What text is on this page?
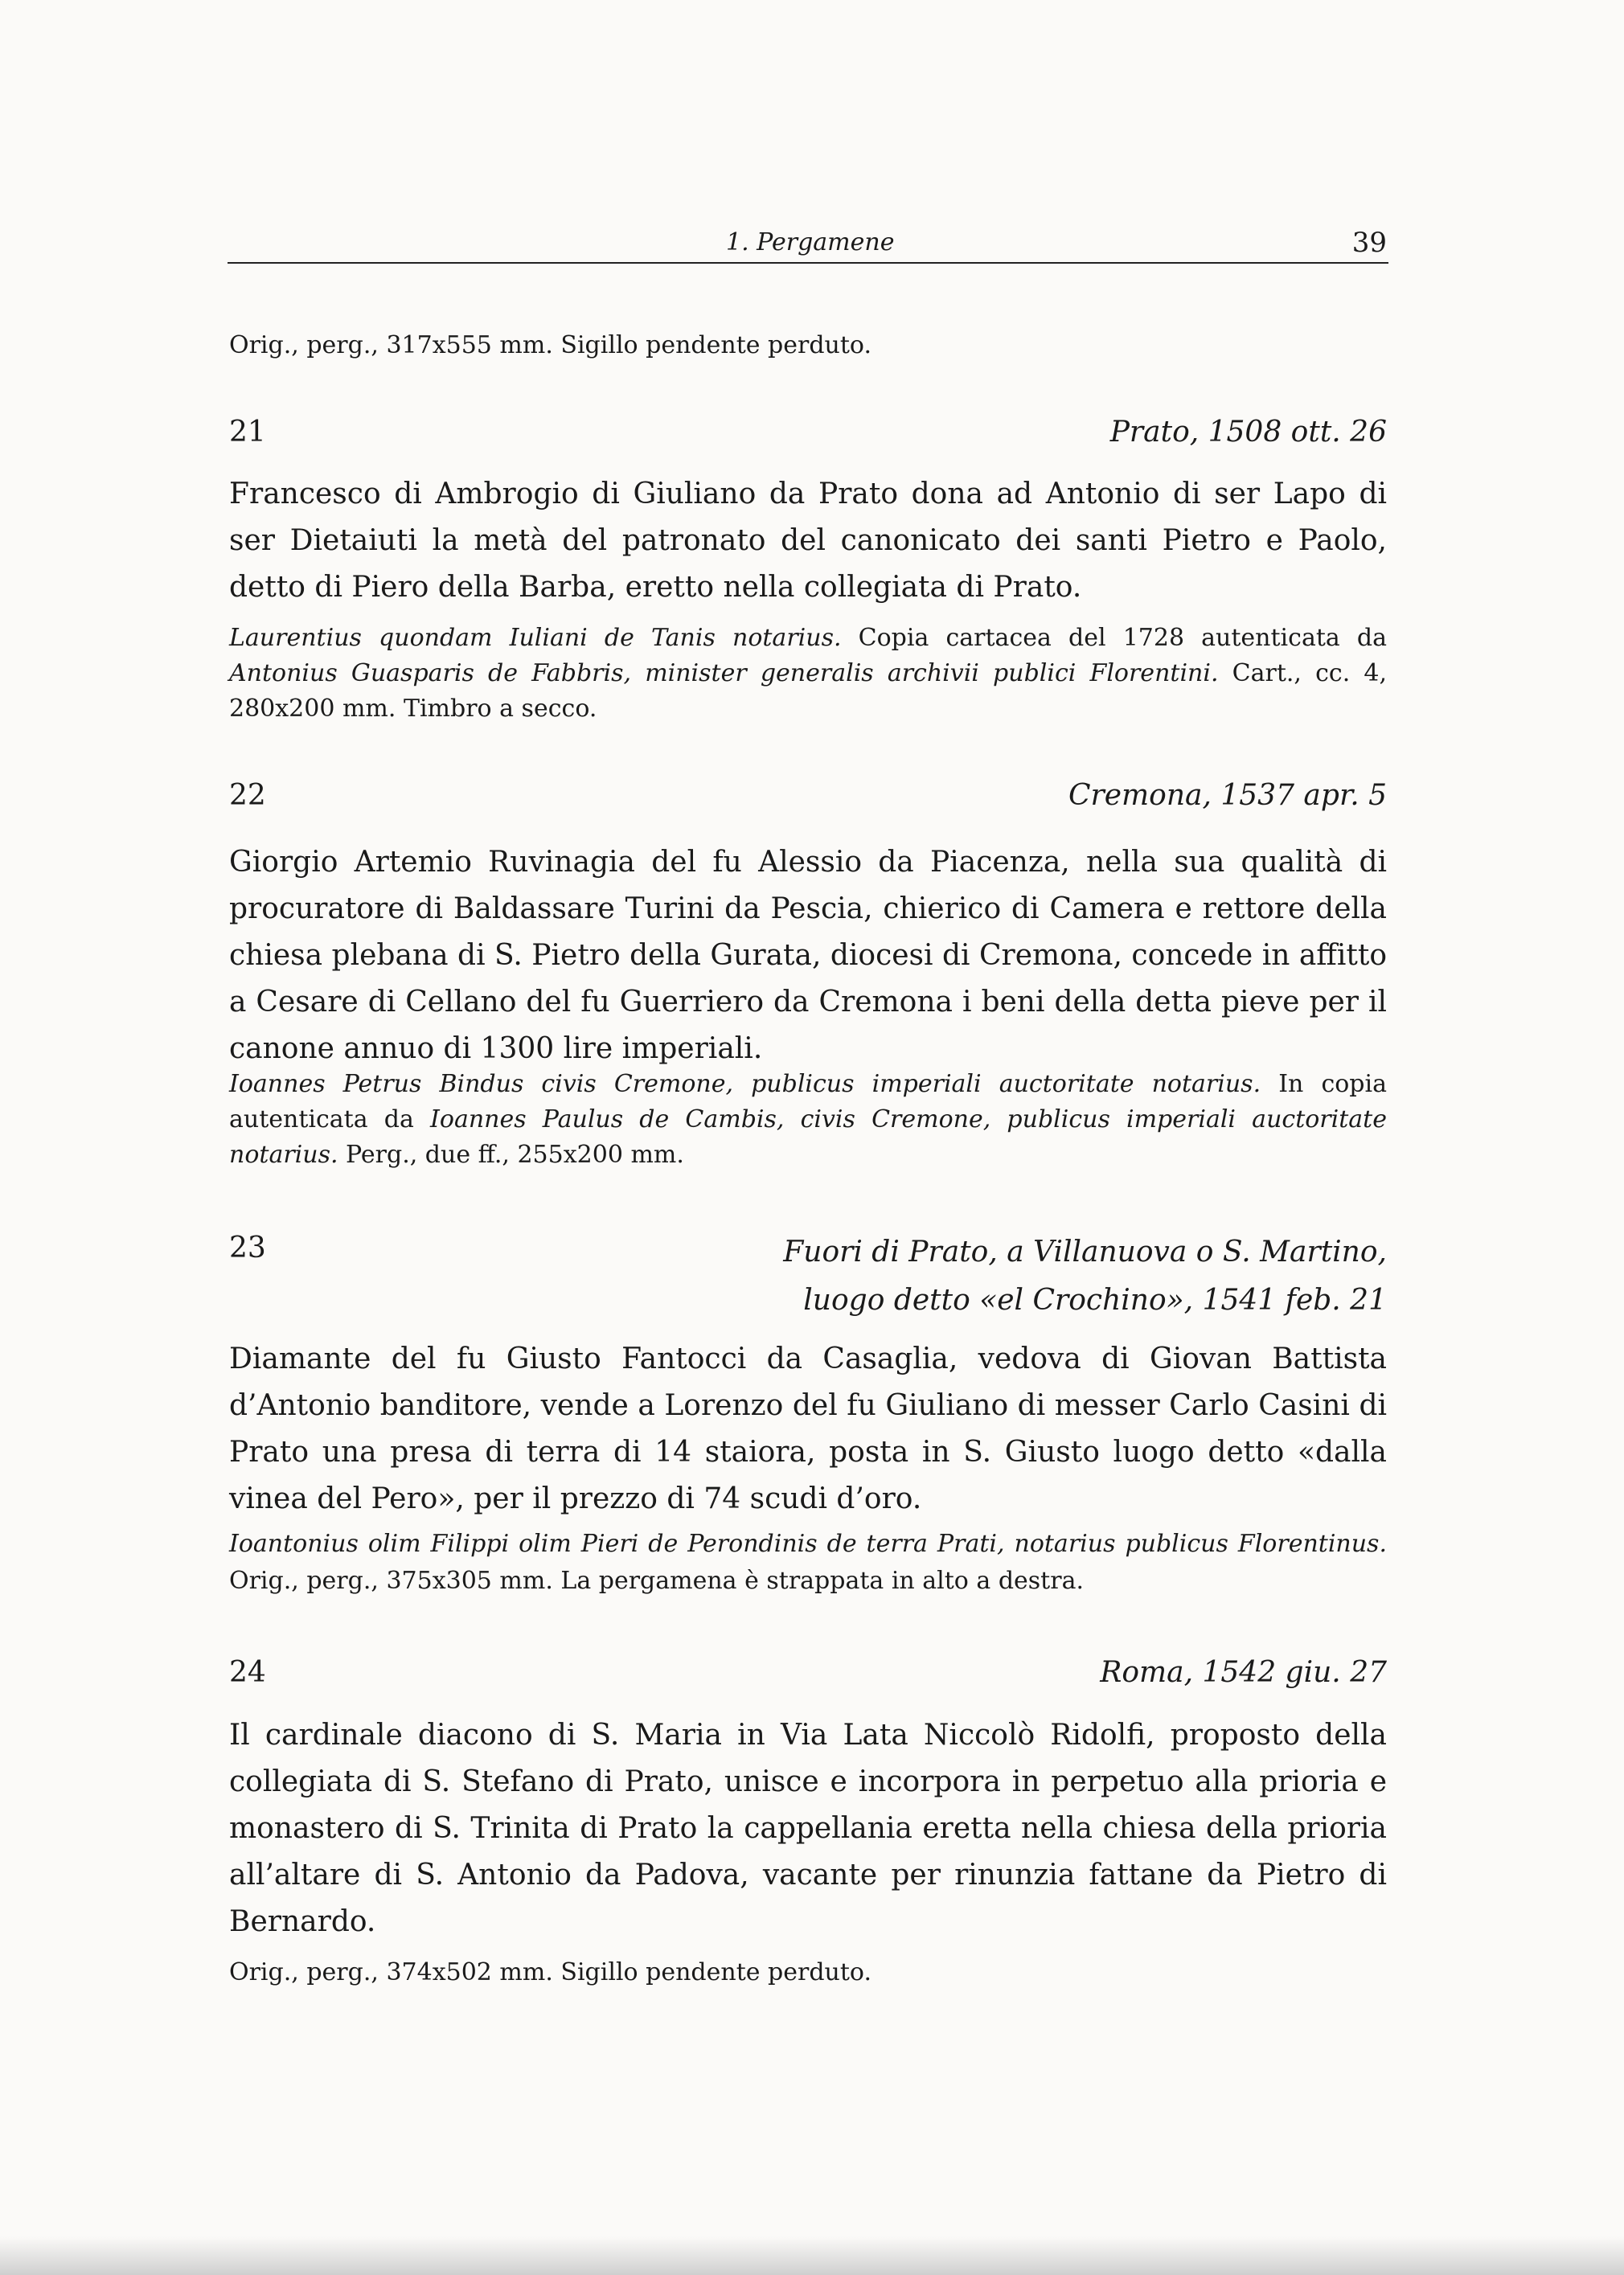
1. Pergamene	39
Orig., perg., 317x555 mm. Sigillo pendente perduto.
21	Prato, 1508 ott. 26
Francesco di Ambrogio di Giuliano da Prato dona ad Antonio di ser Lapo di ser Dietaiuti la metà del patronato del canonicato dei santi Pietro e Paolo, detto di Piero della Barba, eretto nella collegiata di Prato.
Laurentius quondam Iuliani de Tanis notarius. Copia cartacea del 1728 autenticata da Antonius Guasparis de Fabbris, minister generalis archivii publici Florentini. Cart., cc. 4, 280x200 mm. Timbro a secco.
22	Cremona, 1537 apr. 5
Giorgio Artemio Ruvinagia del fu Alessio da Piacenza, nella sua qualità di procuratore di Baldassare Turini da Pescia, chierico di Camera e rettore della chiesa plebana di S. Pietro della Gurata, diocesi di Cremona, concede in affitto a Cesare di Cellano del fu Guerriero da Cremona i beni della detta pieve per il canone annuo di 1300 lire imperiali.
Ioannes Petrus Bindus civis Cremone, publicus imperiali auctoritate notarius. In copia autenticata da Ioannes Paulus de Cambis, civis Cremone, publicus imperiali auctoritate notarius. Perg., due ff., 255x200 mm.
23	Fuori di Prato, a Villanuova o S. Martino,
luogo detto «el Crochino», 1541 feb. 21
Diamante del fu Giusto Fantocci da Casaglia, vedova di Giovan Battista d’Antonio banditore, vende a Lorenzo del fu Giuliano di messer Carlo Casini di Prato una presa di terra di 14 staiora, posta in S. Giusto luogo detto «dalla vinea del Pero», per il prezzo di 74 scudi d’oro.
Ioantonius olim Filippi olim Pieri de Perondinis de terra Prati, notarius publicus Florentinus. Orig., perg., 375x305 mm. La pergamena è strappata in alto a destra.
24	Roma, 1542 giu. 27
Il cardinale diacono di S. Maria in Via Lata Niccolò Ridolfi, proposto della collegiata di S. Stefano di Prato, unisce e incorpora in perpetuo alla prioria e monastero di S. Trinita di Prato la cappellania eretta nella chiesa della prioria all’altare di S. Antonio da Padova, vacante per rinunzia fattane da Pietro di Bernardo.
Orig., perg., 374x502 mm. Sigillo pendente perduto.
